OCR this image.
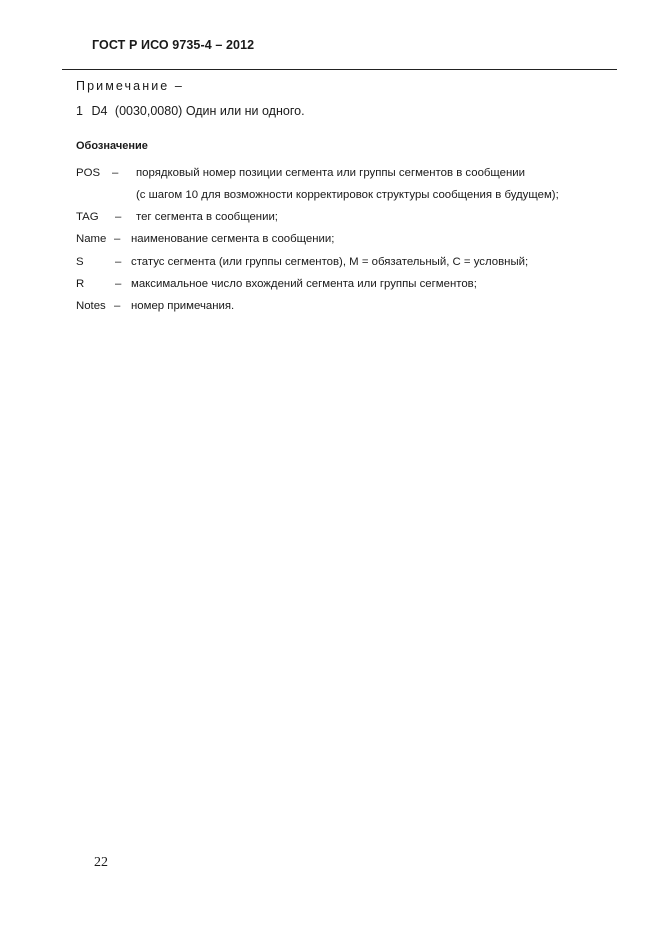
ГОСТ Р ИСО 9735-4 – 2012
Примечание –
1 D4 (0030,0080) Один или ни одного.
Обозначение
POS – порядковый номер позиции сегмента или группы сегментов в сообщении
(с шагом 10 для возможности корректировок структуры сообщения в будущем);
TAG – тег сегмента в сообщении;
Name – наименование сегмента в сообщении;
S	– статус сегмента (или группы сегментов), M = обязательный, C = условный;
R	– максимальное число вхождений сегмента или группы сегментов;
Notes – номер примечания.
22
